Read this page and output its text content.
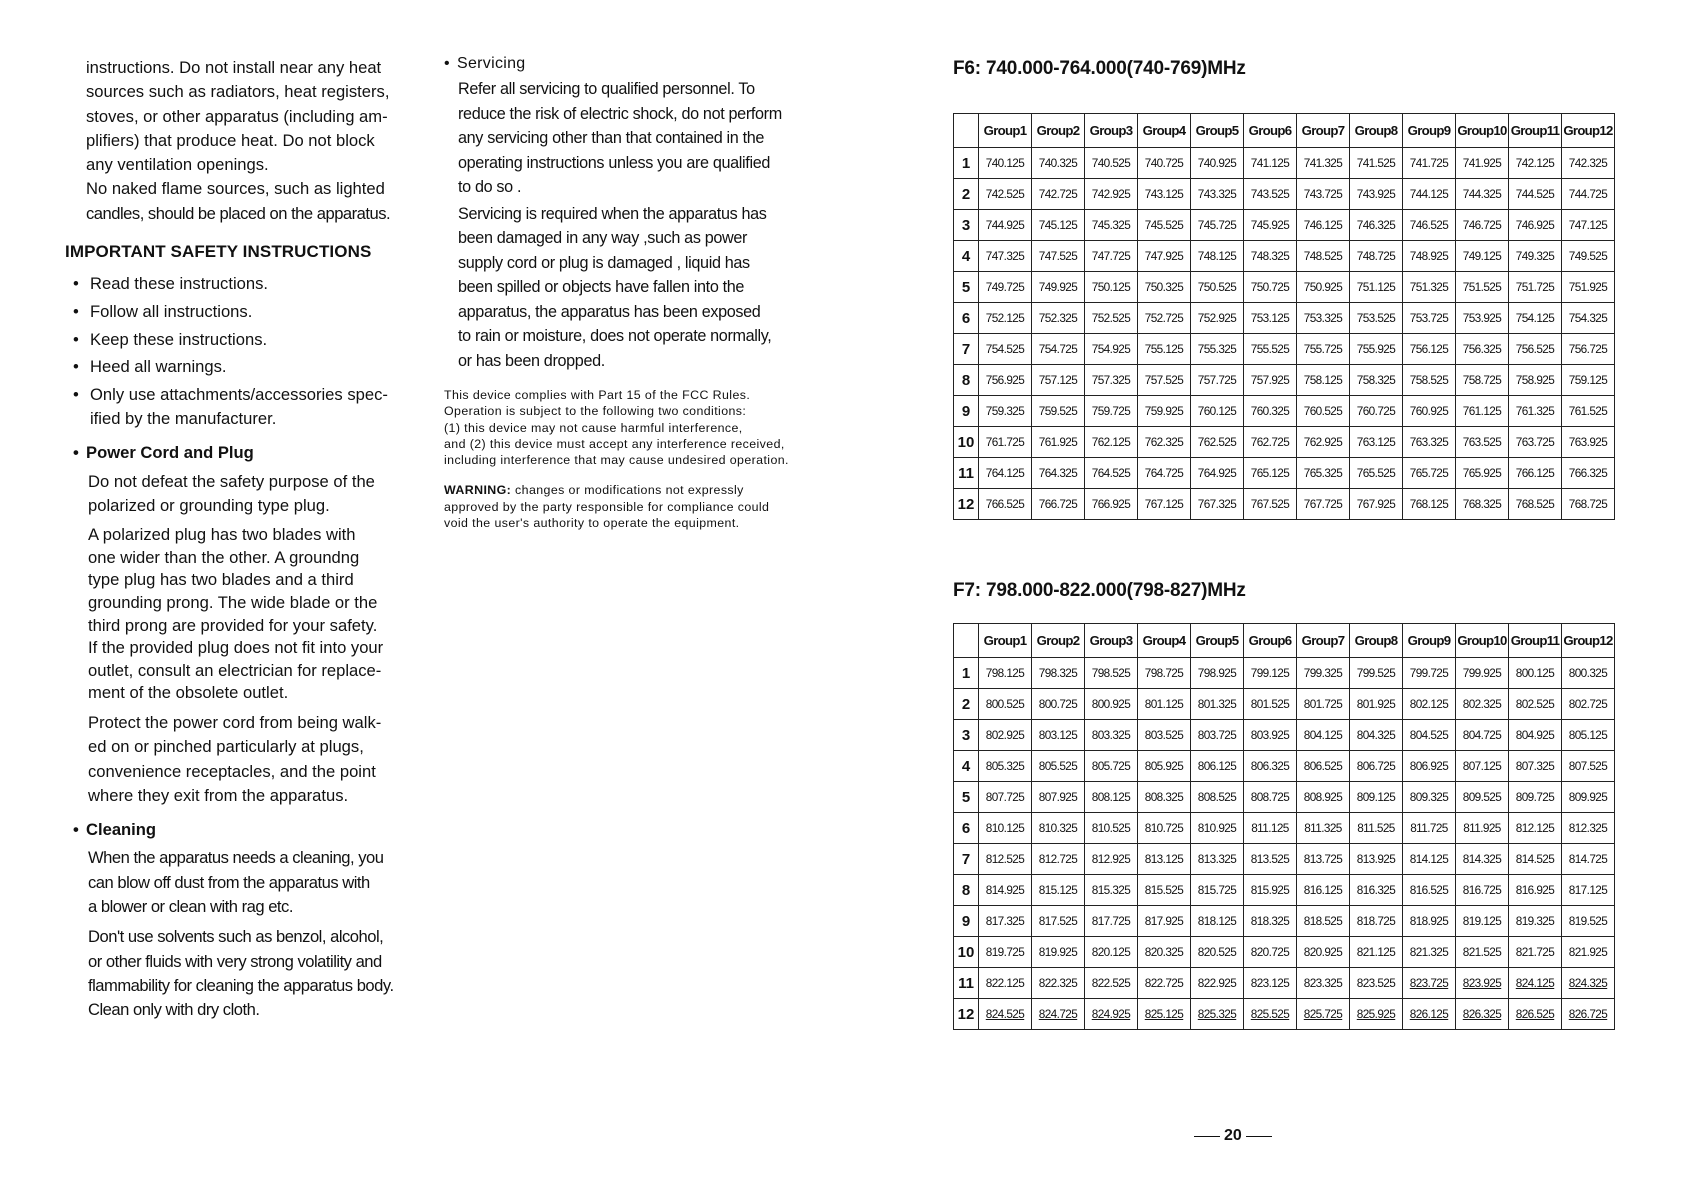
instructions. Do not install near any heat
sources such as radiators, heat registers,
stoves, or other apparatus (including am-
plifiers) that produce heat. Do not block
any ventilation openings.
No naked flame sources, such as lighted
candles, should be placed on the apparatus.
IMPORTANT SAFETY INSTRUCTIONS
• Read these instructions.
• Follow all instructions.
• Keep these instructions.
• Heed all warnings.
• Only use attachments/accessories spec-
ified by the manufacturer.
• Power Cord and Plug
Do not defeat the safety purpose of the
polarized or grounding type plug.
A polarized plug has two blades with
one wider than the other. A groundng
type plug has two blades and a third
grounding prong. The wide blade or the
third prong are provided for your safety.
If the provided plug does not fit into your
outlet, consult an electrician for replace-
ment of the obsolete outlet.
Protect the power cord from being walk-
ed on or pinched particularly at plugs,
convenience receptacles, and the point
where they exit from the apparatus.
• Cleaning
When the apparatus needs a cleaning, you
can blow off dust from the apparatus with
a blower or clean with rag etc.
Don't use solvents such as benzol, alcohol,
or other fluids with very strong volatility and
flammability for cleaning the apparatus body.
Clean only with dry cloth.
• Servicing

Refer all servicing to qualified personnel. To
reduce the risk of electric shock, do not perform
any servicing other than that contained in the
operating instructions unless you are qualified
to do so .

Servicing is required when the apparatus has
been damaged in any way ,such as power
supply cord or plug is damaged , liquid has
been spilled or objects have fallen into the
apparatus, the apparatus has been exposed
to rain or moisture, does not operate normally,
or has been dropped.

This device complies with Part 15 of the FCC Rules.
Operation is subject to the following two conditions:
(1) this device may not cause harmful interference,
and (2) this device must accept any interference received,
including interference that may cause undesired operation.
WARNING: changes or modifications not expressly
approved by the party responsible for compliance could
void the user's authority to operate the equipment.
F6: 740.000-764.000(740-769)MHz
	Group1	Group2	Group3	Group4	Group5	Group6	Group7	Group8	Group9	Group10	Group11	Group12
1	740.125	740.325	740.525	740.725	740.925	741.125	741.325	741.525	741.725	741.925	742.125	742.325
2	742.525	742.725	742.925	743.125	743.325	743.525	743.725	743.925	744.125	744.325	744.525	744.725
3	744.925	745.125	745.325	745.525	745.725	745.925	746.125	746.325	746.525	746.725	746.925	747.125
4	747.325	747.525	747.725	747.925	748.125	748.325	748.525	748.725	748.925	749.125	749.325	749.525
5	749.725	749.925	750.125	750.325	750.525	750.725	750.925	751.125	751.325	751.525	751.725	751.925
6	752.125	752.325	752.525	752.725	752.925	753.125	753.325	753.525	753.725	753.925	754.125	754.325
7	754.525	754.725	754.925	755.125	755.325	755.525	755.725	755.925	756.125	756.325	756.525	756.725
8	756.925	757.125	757.325	757.525	757.725	757.925	758.125	758.325	758.525	758.725	758.925	759.125
9	759.325	759.525	759.725	759.925	760.125	760.325	760.525	760.725	760.925	761.125	761.325	761.525
10	761.725	761.925	762.125	762.325	762.525	762.725	762.925	763.125	763.325	763.525	763.725	763.925
11	764.125	764.325	764.525	764.725	764.925	765.125	765.325	765.525	765.725	765.925	766.125	766.325
12	766.525	766.725	766.925	767.125	767.325	767.525	767.725	767.925	768.125	768.325	768.525	768.725
F7: 798.000-822.000(798-827)MHz
	Group1	Group2	Group3	Group4	Group5	Group6	Group7	Group8	Group9	Group10	Group11	Group12
1	798.125	798.325	798.525	798.725	798.925	799.125	799.325	799.525	799.725	799.925	800.125	800.325
2	800.525	800.725	800.925	801.125	801.325	801.525	801.725	801.925	802.125	802.325	802.525	802.725
3	802.925	803.125	803.325	803.525	803.725	803.925	804.125	804.325	804.525	804.725	804.925	805.125
4	805.325	805.525	805.725	805.925	806.125	806.325	806.525	806.725	806.925	807.125	807.325	807.525
5	807.725	807.925	808.125	808.325	808.525	808.725	808.925	809.125	809.325	809.525	809.725	809.925
6	810.125	810.325	810.525	810.725	810.925	811.125	811.325	811.525	811.725	811.925	812.125	812.325
7	812.525	812.725	812.925	813.125	813.325	813.525	813.725	813.925	814.125	814.325	814.525	814.725
8	814.925	815.125	815.325	815.525	815.725	815.925	816.125	816.325	816.525	816.725	816.925	817.125
9	817.325	817.525	817.725	817.925	818.125	818.325	818.525	818.725	818.925	819.125	819.325	819.525
10	819.725	819.925	820.125	820.325	820.525	820.725	820.925	821.125	821.325	821.525	821.725	821.925
11	822.125	822.325	822.525	822.725	822.925	823.125	823.325	823.525	823.725	823.925	824.125	824.325
12	824.525	824.725	824.925	825.125	825.325	825.525	825.725	825.925	826.125	826.325	826.525	826.725
20
